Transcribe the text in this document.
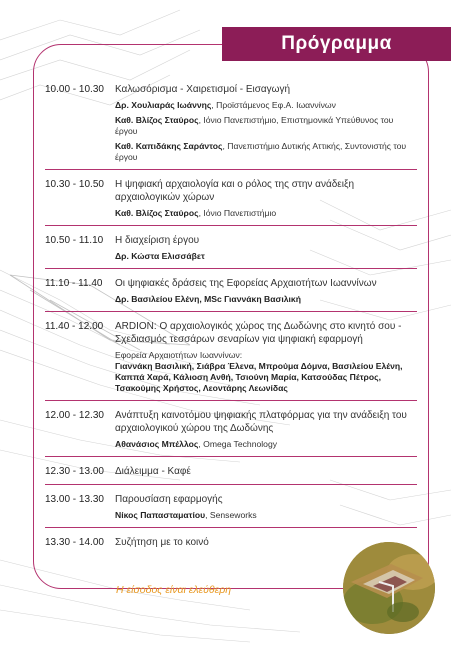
Πρόγραμμα
10.00 - 10.30	Καλωσόρισμα - Χαιρετισμοί - Εισαγωγή
Δρ. Χουλιαράς Ιωάννης, Προϊστάμενος Εφ.Α. Ιωαννίνων
Καθ. Βλίζος Σταύρος, Ιόνιο Πανεπιστήμιο, Επιστημονικά Υπεύθυνος του έργου
Καθ. Καπιδάκης Σαράντος, Πανεπιστήμιο Δυτικής Αττικής, Συντονιστής του έργου
10.30 - 10.50	Η ψηφιακή αρχαιολογία και ο ρόλος της στην ανάδειξη αρχαιολογικών χώρων
Καθ. Βλίζος Σταύρος, Ιόνιο Πανεπιστήμιο
10.50 - 11.10	Η διαχείριση έργου
Δρ. Κώστα Ελισσάβετ
11.10 - 11.40	Οι ψηφιακές δράσεις της Εφορείας Αρχαιοτήτων Ιωαννίνων
Δρ. Βασιλείου Ελένη, MSc Γιαννάκη Βασιλική
11.40 - 12.00	ARDION: Ο αρχαιολογικός χώρος της Δωδώνης στο κινητό σου - Σχεδιασμός τεσσάρων σεναρίων για ψηφιακή εφαρμογή
Εφορεία Αρχαιοτήτων Ιωαννίνων:
Γιαννάκη Βασιλική, Σιάβρα Έλενα, Μπρούμα Δόμνα, Βασιλείου Ελένη, Καππά Χαρά, Κάλιοση Ανθή, Τσιούνη Μαρία, Κατσούδας Πέτρος, Τσακούμης Χρήστος, Λεοντάρης Λεωνίδας
12.00 - 12.30	Ανάπτυξη καινοτόμου ψηφιακής πλατφόρμας για την ανάδειξη του αρχαιολογικού χώρου της Δωδώνης
Αθανάσιος Μπέλλος, Omega Technology
12.30 - 13.00	Διάλειμμα - Καφέ
13.00 - 13.30	Παρουσίαση εφαρμογής
Νίκος Παπασταματίου, Senseworks
13.30 - 14.00	Συζήτηση με το κοινό
Η είσοδος είναι ελεύθερη
